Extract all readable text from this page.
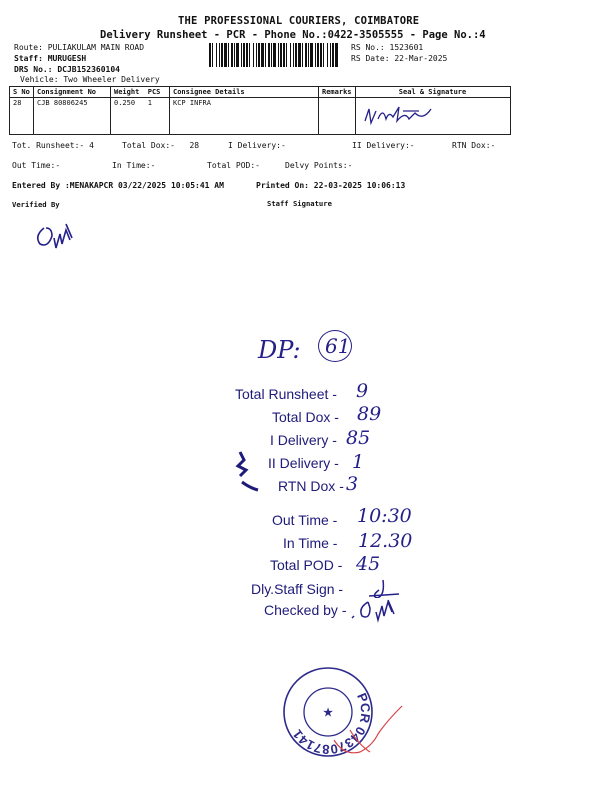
THE PROFESSIONAL COURIERS, COIMBATORE
Delivery Runsheet - PCR - Phone No.:0422-3505555 - Page No.:4
Route: PULIAKULAM MAIN ROAD
Staff: MURUGESH
DRS No.: DCJB152360104
Vehicle: Two Wheeler Delivery
RS No.: 1523601
RS Date: 22-Mar-2025
S No	Consignment No	Weight PCS	Consignee Details	Remarks	Seal & Signature
28	CJB 80806245	0.250 1	KCP INFRA		
Tot. Runsheet:- 4	Total Dox:- 28	I Delivery:-	II Delivery:-	RTN Dox:-
Out Time:-	In Time:-	Total POD:-	Delvy Points:-
Entered By :MENAKAPCR 03/22/2025 10:05:41 AM	Printed On: 22-03-2025 10:06:13
Verified By	Staff Signature
DP: 61
Total Runsheet - 9
Total Dox - 89
I Delivery - 85
II Delivery - 1
RTN Dox - 3
Out Time - 10:30
In Time - 12.30
Total POD - 45
Dly.Staff Sign -
Checked by -
PCR 0437087141
★
